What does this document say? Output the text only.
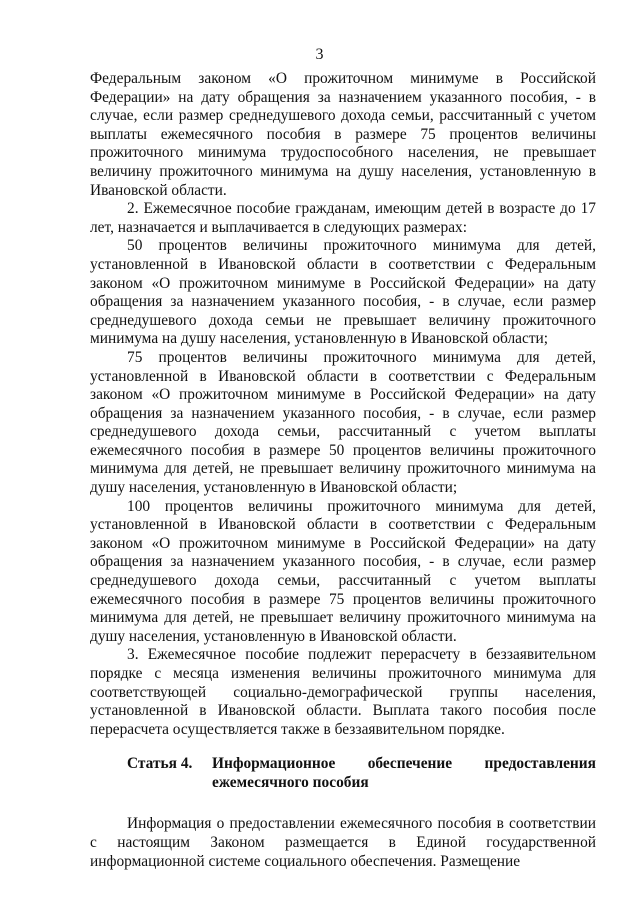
3

Федеральным законом «О прожиточном минимуме в Российской Федерации» на дату обращения за назначением указанного пособия, - в случае, если размер среднедушевого дохода семьи, рассчитанный с учетом выплаты ежемесячного пособия в размере 75 процентов величины прожиточного минимума трудоспособного населения, не превышает величину прожиточного минимума на душу населения, установленную в Ивановской области.

2. Ежемесячное пособие гражданам, имеющим детей в возрасте до 17 лет, назначается и выплачивается в следующих размерах:

50 процентов величины прожиточного минимума для детей, установленной в Ивановской области в соответствии с Федеральным законом «О прожиточном минимуме в Российской Федерации» на дату обращения за назначением указанного пособия, - в случае, если размер среднедушевого дохода семьи не превышает величину прожиточного минимума на душу населения, установленную в Ивановской области;

75 процентов величины прожиточного минимума для детей, установленной в Ивановской области в соответствии с Федеральным законом «О прожиточном минимуме в Российской Федерации» на дату обращения за назначением указанного пособия, - в случае, если размер среднедушевого дохода семьи, рассчитанный с учетом выплаты ежемесячного пособия в размере 50 процентов величины прожиточного минимума для детей, не превышает величину прожиточного минимума на душу населения, установленную в Ивановской области;

100 процентов величины прожиточного минимума для детей, установленной в Ивановской области в соответствии с Федеральным законом «О прожиточном минимуме в Российской Федерации» на дату обращения за назначением указанного пособия, - в случае, если размер среднедушевого дохода семьи, рассчитанный с учетом выплаты ежемесячного пособия в размере 75 процентов величины прожиточного минимума для детей, не превышает величину прожиточного минимума на душу населения, установленную в Ивановской области.

3. Ежемесячное пособие подлежит перерасчету в беззаявительном порядке с месяца изменения величины прожиточного минимума для соответствующей социально-демографической группы населения, установленной в Ивановской области. Выплата такого пособия после перерасчета осуществляется также в беззаявительном порядке.

Статья 4.	Информационное обеспечение предоставления ежемесячного пособия

Информация о предоставлении ежемесячного пособия в соответствии с настоящим Законом размещается в Единой государственной информационной системе социального обеспечения. Размещение
